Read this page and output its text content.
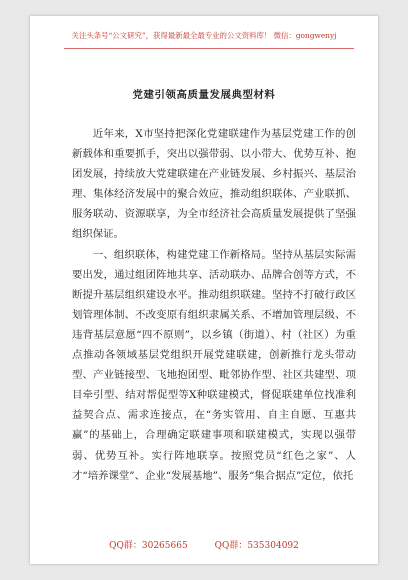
关注头条号“公文研究”，获得最新最全最专业的公文资料库！ 微信：gongwenyj
党建引领高质量发展典型材料

近年来，X市坚持把深化党建联建作为基层党建工作的创新载体和重要抓手，突出以强带弱、以小带大、优势互补、抱团发展，持续放大党建联建在产业链发展、乡村振兴、基层治理、集体经济发展中的聚合效应，推动组织联体、产业联抓、服务联动、资源联享，为全市经济社会高质量发展提供了坚强组织保证。

一、组织联体，构建党建工作新格局。坚持从基层实际需要出发，通过组团阵地共享、活动联办、品牌合创等方式，不断提升基层组织建设水平。推动组织联建。坚持不打破行政区划管理体制、不改变原有组织隶属关系、不增加管理层级、不违背基层意愿“四不原则”，以乡镇（街道）、村（社区）为重点推动各领域基层党组织开展党建联建，创新推行龙头带动型、产业链接型、飞地抱团型、毗邻协作型、社区共建型、项目牵引型、结对帮促型等X种联建模式，督促联建单位找准利益契合点、需求连接点，在“务实管用、自主自愿、互惠共赢”的基础上，合理确定联建事项和联建模式，实现以强带弱、优势互补。实行阵地联享。按照党员“红色之家”、人才“培养课堂”、企业“发展基地”、服务“集合据点”定位，依托

QQ群：30265665	QQ群：535304092
